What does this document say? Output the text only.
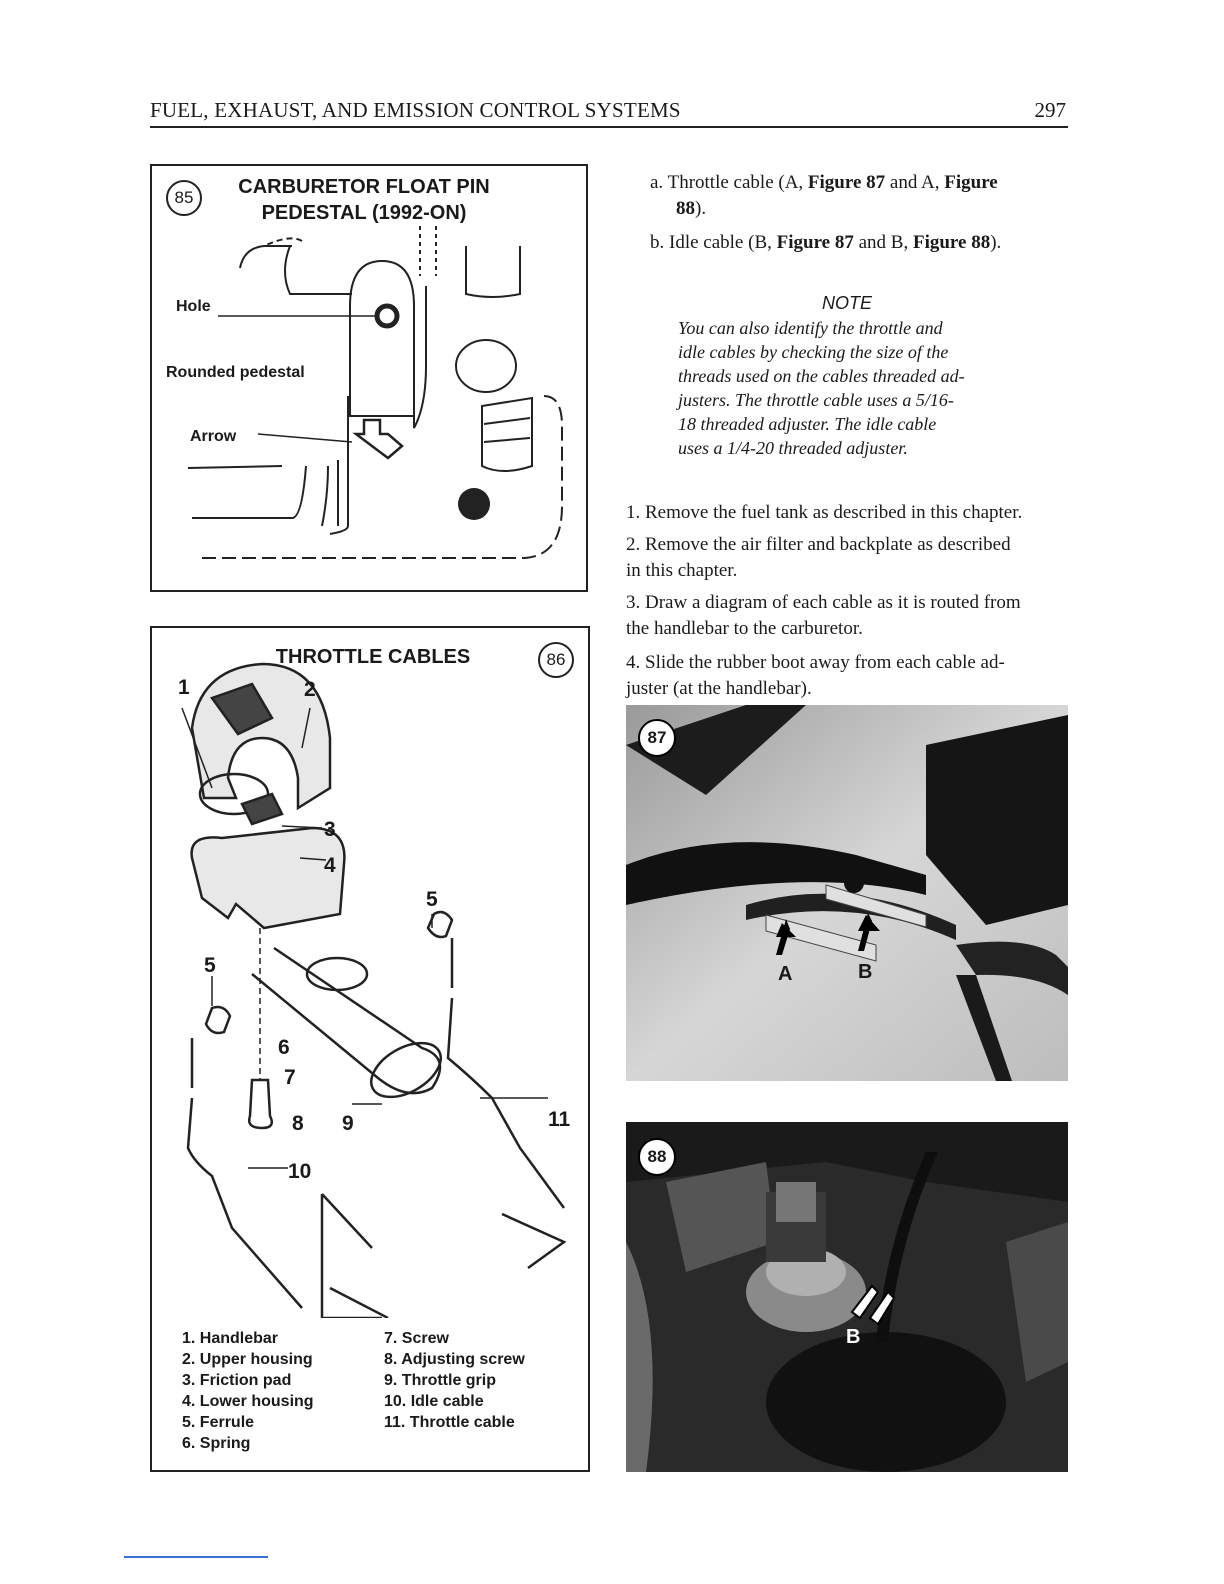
FUEL, EXHAUST, AND EMISSION CONTROL SYSTEMS	297
85	CARBURETOR FLOAT PIN
PEDESTAL (1992-ON)
Hole
Rounded pedestal
Arrow
THROTTLE CABLES	86
1	2
3
4
5
5
6
7
8 9	11
10
1. Handlebar
2. Upper housing
3. Friction pad
4. Lower housing
5. Ferrule
6. Spring
7. Screw
8. Adjusting screw
9. Throttle grip
10. Idle cable
11. Throttle cable
a. Throttle cable (A, Figure 87 and A, Figure
88).
b. Idle cable (B, Figure 87 and B, Figure 88).
NOTE
You can also identify the throttle and
idle cables by checking the size of the
threads used on the cables threaded ad-
justers. The throttle cable uses a 5/16-
18 threaded adjuster. The idle cable
uses a 1/4-20 threaded adjuster.
1. Remove the fuel tank as described in this chapter.
2. Remove the air filter and backplate as described
in this chapter.
3. Draw a diagram of each cable as it is routed from
the handlebar to the carburetor.
4. Slide the rubber boot away from each cable ad-
juster (at the handlebar).
87
A	B
88
B
